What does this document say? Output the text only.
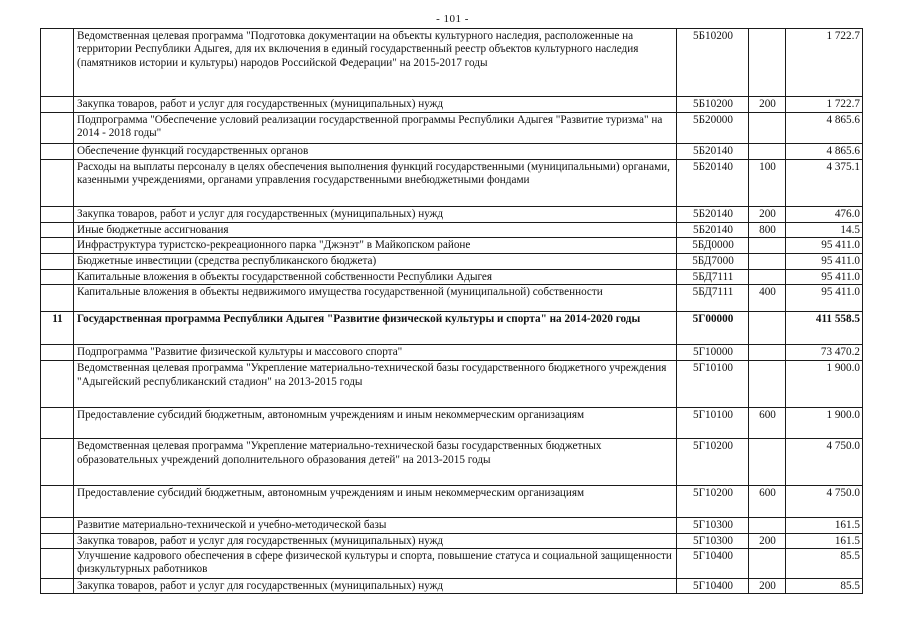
- 101 -
	Ведомственная целевая программа "Подготовка документации на объекты культурного наследия, расположенные на территории Республики Адыгея, для их включения в единый государственный реестр объектов культурного наследия (памятников истории и культуры) народов Российской Федерации" на 2015-2017 годы	5Б10200		1 722.7
	Закупка товаров, работ и услуг для государственных (муниципальных) нужд	5Б10200	200	1 722.7
	Подпрограмма "Обеспечение условий реализации государственной программы Республики Адыгея "Развитие туризма" на 2014 - 2018 годы"	5Б20000		4 865.6
	Обеспечение функций государственных органов	5Б20140		4 865.6
	Расходы на выплаты персоналу в целях обеспечения выполнения функций государственными (муниципальными) органами, казенными учреждениями, органами управления государственными внебюджетными фондами	5Б20140	100	4 375.1
	Закупка товаров, работ и услуг для государственных (муниципальных) нужд	5Б20140	200	476.0
	Иные бюджетные ассигнования	5Б20140	800	14.5
	Инфраструктура туристско-рекреационного парка "Джэнэт" в Майкопском районе	5БД0000		95 411.0
	Бюджетные инвестиции (средства республиканского бюджета)	5БД7000		95 411.0
	Капитальные вложения в объекты государственной собственности Республики Адыгея	5БД7111		95 411.0
	Капитальные вложения в объекты недвижимого имущества государственной (муниципальной) собственности	5БД7111	400	95 411.0
11	Государственная программа Республики Адыгея "Развитие физической культуры и спорта" на 2014-2020 годы	5Г00000		411 558.5
	Подпрограмма "Развитие физической культуры и массового спорта"	5Г10000		73 470.2
	Ведомственная целевая программа "Укрепление материально-технической базы государственного бюджетного учреждения "Адыгейский республиканский стадион" на 2013-2015 годы	5Г10100		1 900.0
	Предоставление субсидий бюджетным, автономным учреждениям и иным некоммерческим организациям	5Г10100	600	1 900.0
	Ведомственная целевая программа "Укрепление материально-технической базы государственных бюджетных образовательных учреждений дополнительного образования детей" на 2013-2015 годы	5Г10200		4 750.0
	Предоставление субсидий бюджетным, автономным учреждениям и иным некоммерческим организациям	5Г10200	600	4 750.0
	Развитие материально-технической и учебно-методической базы	5Г10300		161.5
	Закупка товаров, работ и услуг для государственных (муниципальных) нужд	5Г10300	200	161.5
	Улучшение кадрового обеспечения в сфере физической культуры и спорта, повышение статуса и социальной защищенности физкультурных работников	5Г10400		85.5
	Закупка товаров, работ и услуг для государственных (муниципальных) нужд	5Г10400	200	85.5
